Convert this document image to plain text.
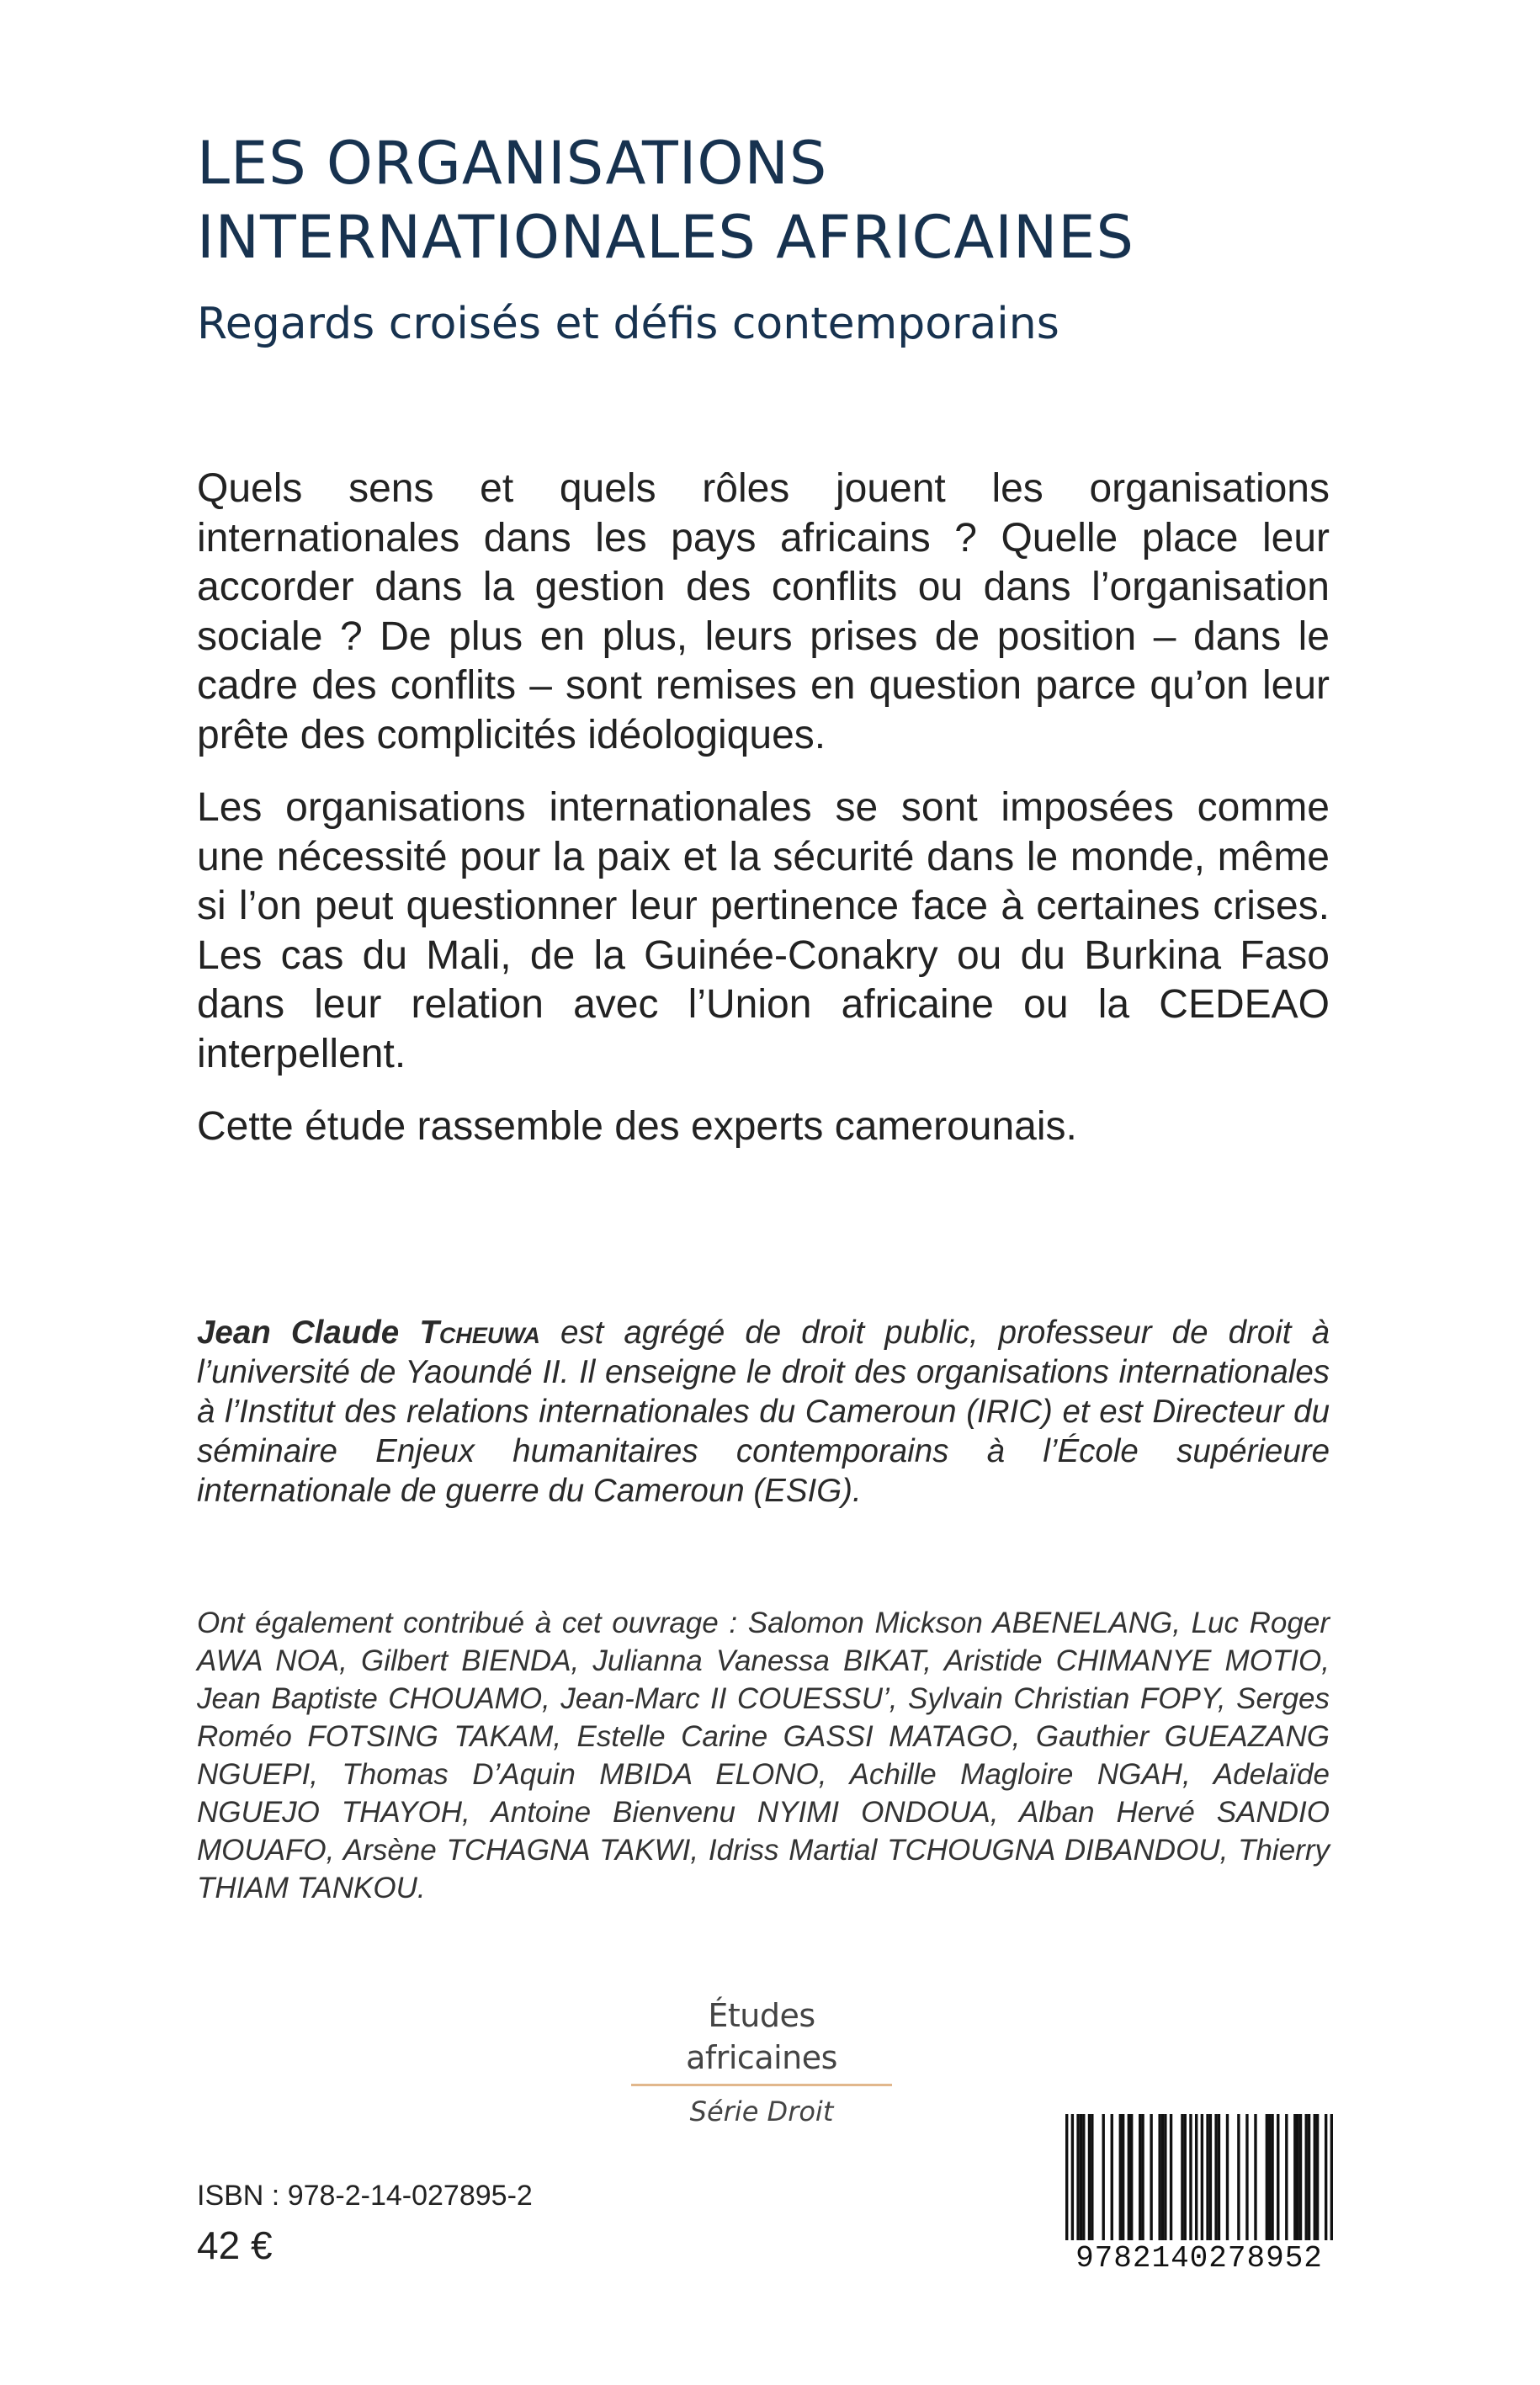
LES ORGANISATIONS INTERNATIONALES AFRICAINES
Regards croisés et défis contemporains

Quels sens et quels rôles jouent les organisations internationales dans les pays africains ? Quelle place leur accorder dans la gestion des conflits ou dans l’organisation sociale ? De plus en plus, leurs prises de position – dans le cadre des conflits – sont remises en question parce qu’on leur prête des complicités idéologiques.

Les organisations internationales se sont imposées comme une nécessité pour la paix et la sécurité dans le monde, même si l’on peut questionner leur pertinence face à certaines crises. Les cas du Mali, de la Guinée-Conakry ou du Burkina Faso dans leur relation avec l’Union africaine ou la CEDEAO interpellent.

Cette étude rassemble des experts camerounais.

Jean Claude Tcheuwa est agrégé de droit public, professeur de droit à l’université de Yaoundé II. Il enseigne le droit des organisations internationales à l’Institut des relations internationales du Cameroun (IRIC) et est Directeur du séminaire Enjeux humanitaires contemporains à l’École supérieure internationale de guerre du Cameroun (ESIG).

Ont également contribué à cet ouvrage : Salomon Mickson ABENELANG, Luc Roger AWA NOA, Gilbert BIENDA, Julianna Vanessa BIKAT, Aristide CHIMANYE MOTIO, Jean Baptiste CHOUAMO, Jean-Marc II COUESSU’, Sylvain Christian FOPY, Serges Roméo FOTSING TAKAM, Estelle Carine GASSI MATAGO, Gauthier GUEAZANG NGUEPI, Thomas D’Aquin MBIDA ELONO, Achille Magloire NGAH, Adelaïde NGUEJO THAYOH, Antoine Bienvenu NYIMI ONDOUA, Alban Hervé SANDIO MOUAFO, Arsène TCHAGNA TAKWI, Idriss Martial TCHOUGNA DIBANDOU, Thierry THIAM TANKOU.

Études africaines
Série Droit

ISBN : 978-2-14-027895-2

42 €	9782140278952
